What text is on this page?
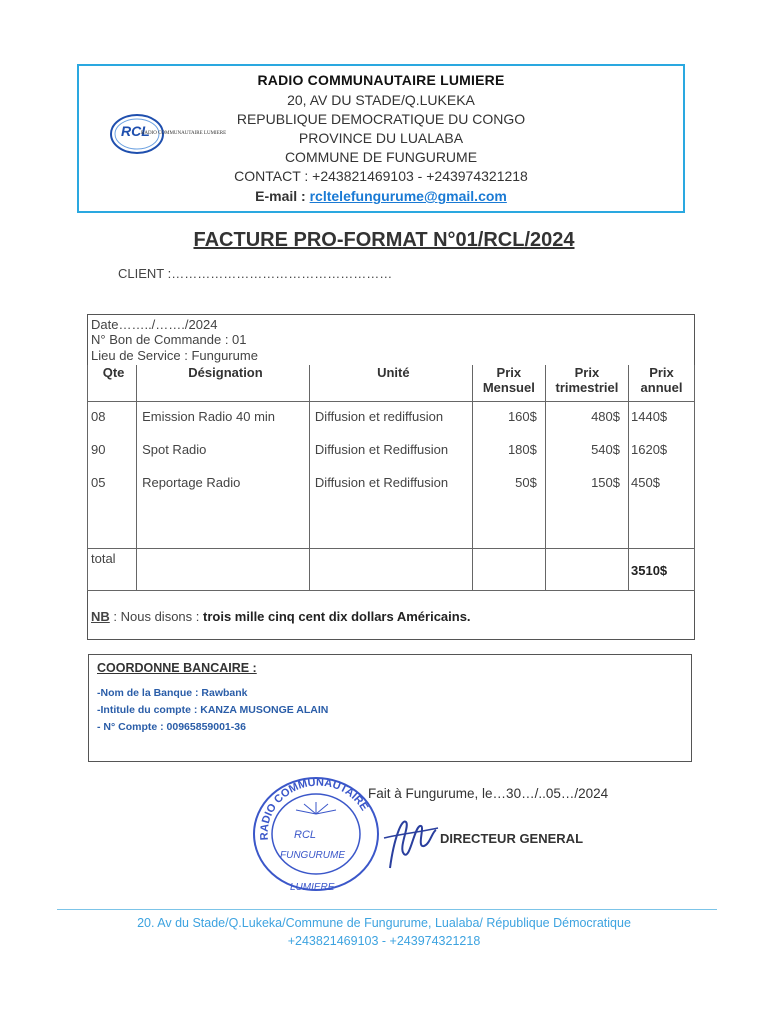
RADIO COMMUNAUTAIRE LUMIERE
20, AV DU STADE/Q.LUKEKA
REPUBLIQUE DEMOCRATIQUE DU CONGO
PROVINCE DU LUALABA
COMMUNE DE FUNGURUME
CONTACT : +243821469103 - +243974321218
E-mail : rcltelefungurume@gmail.com
RCL
RADIO COMMUNAUTAIRE LUMIERE
FACTURE PRO-FORMAT N°01/RCL/2024
CLIENT :……………………………………………
Date……../……./2024
N° Bon de Commande : 01
Lieu de Service : Fungurume
Qte	Désignation	Unité	Prix Mensuel	Prix trimestriel	Prix annuel
08	Emission Radio 40 min	Diffusion et rediffusion	160$	480$	1440$
90	Spot Radio	Diffusion et Rediffusion	180$	540$	1620$
05	Reportage Radio	Diffusion et Rediffusion	50$	150$	450$

total					3510$
NB : Nous disons : trois mille cinq cent dix dollars Américains.
COORDONNE BANCAIRE :
-Nom de la Banque : Rawbank
-Intitule du compte : KANZA MUSONGE ALAIN
- N° Compte : 00965859001-36
RADIO COMMUNAUTAIRE
RCL
FUNGURUME
LUMIERE
Fait à Fungurume, le…30…/..05…/2024
DIRECTEUR GENERAL
20. Av du Stade/Q.Lukeka/Commune de Fungurume, Lualaba/ République Démocratique
+243821469103 - +243974321218
